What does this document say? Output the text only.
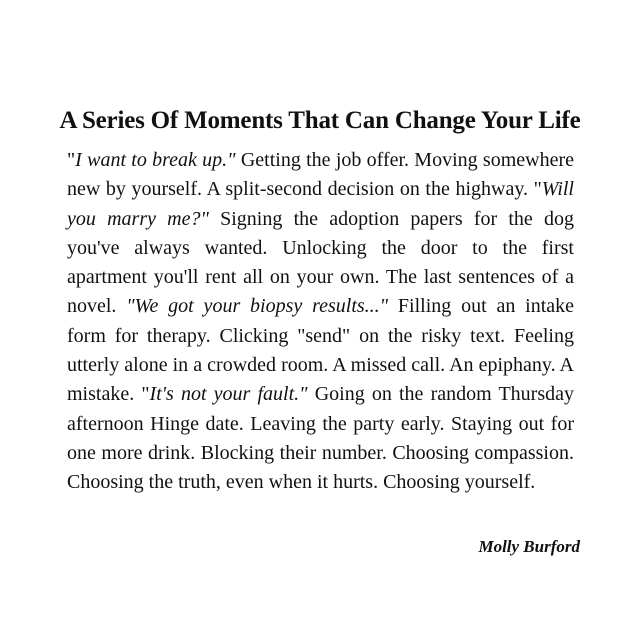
A Series Of Moments That Can Change Your Life
"I want to break up." Getting the job offer. Moving somewhere new by yourself. A split-second decision on the highway. "Will you marry me?" Signing the adoption papers for the dog you've always wanted. Unlocking the door to the first apartment you'll rent all on your own. The last sentences of a novel. "We got your biopsy results..." Filling out an intake form for therapy. Clicking "send" on the risky text. Feeling utterly alone in a crowded room. A missed call. An epiphany. A mistake. "It's not your fault." Going on the random Thursday afternoon Hinge date. Leaving the party early. Staying out for one more drink. Blocking their number. Choosing compassion. Choosing the truth, even when it hurts. Choosing yourself.
Molly Burford
